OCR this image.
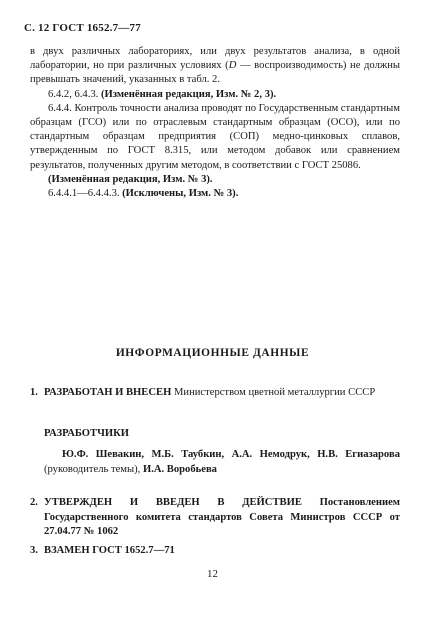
С. 12 ГОСТ 1652.7—77

в двух различных лабораториях, или двух результатов анализа, в одной лаборатории, но при различных условиях (D — воспроизводимость) не должны превышать значений, указанных в табл. 2.

6.4.2, 6.4.3. (Изменённая редакция, Изм. № 2, 3).

6.4.4. Контроль точности анализа проводят по Государственным стандартным образцам (ГСО) или по отраслевым стандартным образцам (ОСО), или по стандартным образцам предприятия (СОП) медно-цинковых сплавов, утвержденным по ГОСТ 8.315, или методом добавок или сравнением результатов, полученных другим методом, в соответствии с ГОСТ 25086.

(Изменённая редакция, Изм. № 3).

6.4.4.1—6.4.4.3. (Исключены, Изм. № 3).

ИНФОРМАЦИОННЫЕ ДАННЫЕ
1. РАЗРАБОТАН И ВНЕСЕН Министерством цветной металлургии СССР
РАЗРАБОТЧИКИ
Ю.Ф. Шевакин, М.Б. Таубкин, А.А. Немодрук, Н.В. Егиазарова (руководитель темы), И.А. Воробьева
2. УТВЕРЖДЕН И ВВЕДЕН В ДЕЙСТВИЕ Постановлением Государственного комитета стандартов Совета Министров СССР от 27.04.77 № 1062
3. ВЗАМЕН ГОСТ 1652.7—71
12
